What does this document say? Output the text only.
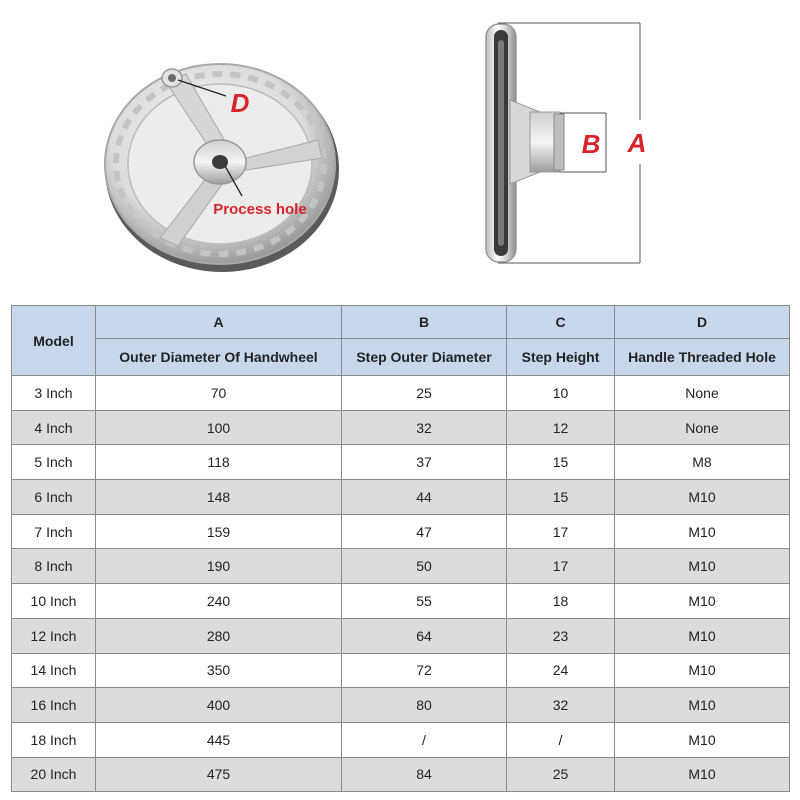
D
Process hole
B A
Model	A	B	C	D
	Outer Diameter Of Handwheel	Step Outer Diameter	Step Height	Handle Threaded Hole
3 Inch	70	25	10	None
4 Inch	100	32	12	None
5 Inch	118	37	15	M8
6 Inch	148	44	15	M10
7 Inch	159	47	17	M10
8 Inch	190	50	17	M10
10 Inch	240	55	18	M10
12 Inch	280	64	23	M10
14 Inch	350	72	24	M10
16 Inch	400	80	32	M10
18 Inch	445	/	/	M10
20 Inch	475	84	25	M10
